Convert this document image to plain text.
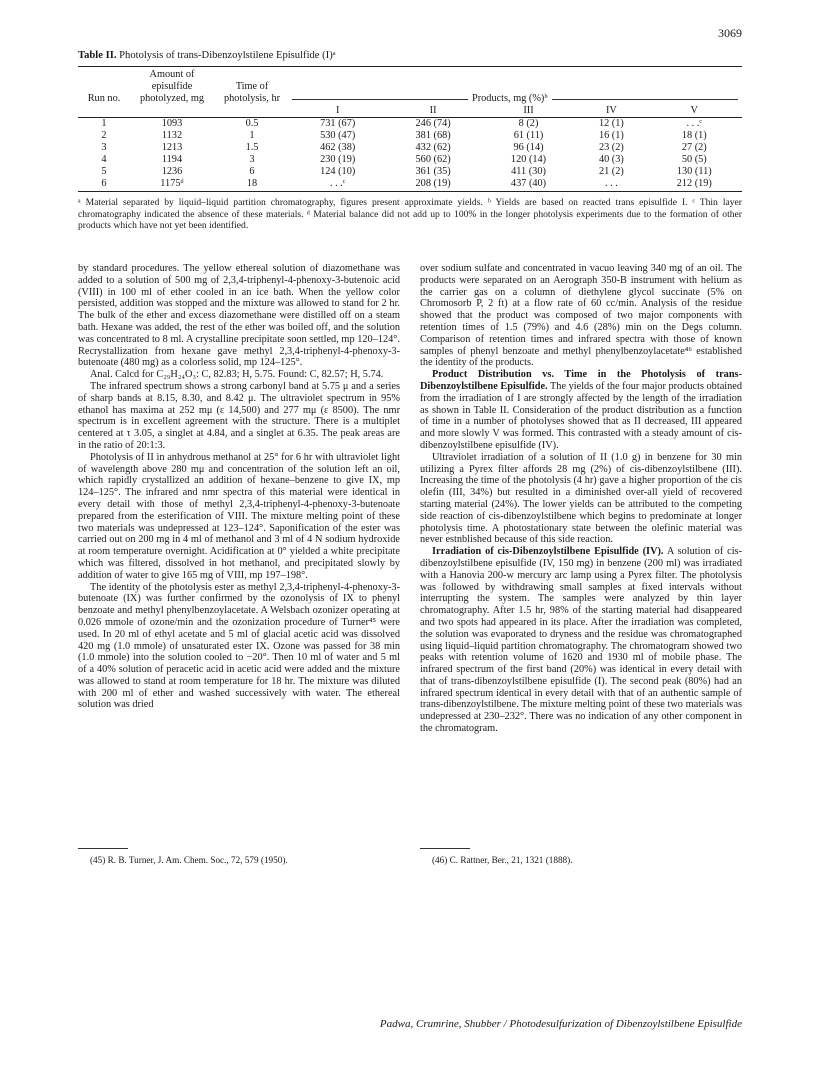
3069
Table II. Photolysis of trans-Dibenzoylstilene Episulfide (I)ᵃ
Run no.	Amount of episulfide photolyzed, mg	Time of photolysis, hr	Products, mg (%)ᵇ				

			I	II	III	IV	V

1	1093	0.5	731 (67)	246 (74)	8 (2)	12 (1)	. . .ᶜ
2	1132	1	530 (47)	381 (68)	61 (11)	16 (1)	18 (1)
3	1213	1.5	462 (38)	432 (62)	96 (14)	23 (2)	27 (2)
4	1194	3	230 (19)	560 (62)	120 (14)	40 (3)	50 (5)
5	1236	6	124 (10)	361 (35)	411 (30)	21 (2)	130 (11)
6	1175ᵈ	18	. . .ᶜ	208 (19)	437 (40)	. . .	212 (19)
ᵃ Material separated by liquid–liquid partition chromatography, figures present approximate yields. ᵇ Yields are based on reacted trans episulfide I. ᶜ Thin layer chromatography indicated the absence of these materials. ᵈ Material balance did not add up to 100% in the longer photolysis experiments due to the formation of other products which have not yet been identified.

by standard procedures. The yellow ethereal solution of diazomethane was added to a solution of 500 mg of 2,3,4-triphenyl-4-phenoxy-3-butenoic acid (VIII) in 100 ml of ether cooled in an ice bath. When the yellow color persisted, addition was stopped and the mixture was allowed to stand for 2 hr. The bulk of the ether and excess diazomethane were distilled off on a steam bath. Hexane was added, the rest of the ether was boiled off, and the solution was concentrated to 8 ml. A crystalline precipitate soon settled, mp 120–124°. Recrystallization from hexane gave methyl 2,3,4-triphenyl-4-phenoxy-3-butenoate (480 mg) as a colorless solid, mp 124–125°.

Anal. Calcd for C₂₉H₂₄O₃: C, 82.83; H, 5.75. Found: C, 82.57; H, 5.74.

The infrared spectrum shows a strong carbonyl band at 5.75 μ and a series of sharp bands at 8.15, 8.30, and 8.42 μ. The ultraviolet spectrum in 95% ethanol has maxima at 252 mμ (ε 14,500) and 277 mμ (ε 8500). The nmr spectrum is in excellent agreement with the structure. There is a multiplet centered at τ 3.05, a singlet at 4.84, and a singlet at 6.35. The peak areas are in the ratio of 20:1:3.

Photolysis of II in anhydrous methanol at 25° for 6 hr with ultraviolet light of wavelength above 280 mμ and concentration of the solution left an oil, which rapidly crystallized an addition of hexane–benzene to give IX, mp 124–125°. The infrared and nmr spectra of this material were identical in every detail with those of methyl 2,3,4-triphenyl-4-phenoxy-3-butenoate prepared from the esterification of VIII. The mixture melting point of these two materials was undepressed at 123–124°. Saponification of the ester was carried out on 200 mg in 4 ml of methanol and 3 ml of 4 N sodium hydroxide at room temperature overnight. Acidification at 0° yielded a white precipitate which was filtered, dissolved in hot methanol, and precipitated slowly by addition of water to give 165 mg of VIII, mp 197–198°.

The identity of the photolysis ester as methyl 2,3,4-triphenyl-4-phenoxy-3-butenoate (IX) was further confirmed by the ozonolysis of IX to phenyl benzoate and methyl phenylbenzoylacetate. A Welsbach ozonizer operating at 0.026 mmole of ozone/min and the ozonization procedure of Turner⁴⁵ were used. In 20 ml of ethyl acetate and 5 ml of glacial acetic acid was dissolved 420 mg (1.0 mmole) of unsaturated ester IX. Ozone was passed for 38 min (1.0 mmole) into the solution cooled to −20°. Then 10 ml of water and 5 ml of a 40% solution of peracetic acid in acetic acid were added and the mixture was allowed to stand at room temperature for 18 hr. The mixture was diluted with 200 ml of ether and washed successively with water. The ethereal solution was dried

over sodium sulfate and concentrated in vacuo leaving 340 mg of an oil. The products were separated on an Aerograph 350-B instrument with helium as the carrier gas on a column of diethylene glycol succinate (5% on Chromosorb P, 2 ft) at a flow rate of 60 cc/min. Analysis of the residue showed that the product was composed of two major components with retention times of 1.5 (79%) and 4.6 (28%) min on the Degs column. Comparison of retention times and infrared spectra with those of known samples of phenyl benzoate and methyl phenylbenzoylacetate⁴⁶ established the identity of the products.

Product Distribution vs. Time in the Photolysis of trans-Dibenzoylstilbene Episulfide. The yields of the four major products obtained from the irradiation of I are strongly affected by the length of the irradiation as shown in Table II. Consideration of the product distribution as a function of time in a number of photolyses showed that as II decreased, III appeared and more slowly V was formed. This contrasted with a steady amount of cis-dibenzoylstilbene episulfide (IV).

Ultraviolet irradiation of a solution of II (1.0 g) in benzene for 30 min utilizing a Pyrex filter affords 28 mg (2%) of cis-dibenzoylstilbene (III). Increasing the time of the photolysis (4 hr) gave a higher proportion of the cis olefin (III, 34%) but resulted in a diminished over-all yield of recovered starting material (24%). The lower yields can be attributed to the competing side reaction of cis-dibenzoylstilbene which begins to predominate at longer photolysis time. A photostationary state between the olefinic material was never estnblished because of this side reaction.

Irradiation of cis-Dibenzoylstilbene Episulfide (IV). A solution of cis-dibenzoylstilbene episulfide (IV, 150 mg) in benzene (200 ml) was irradiated with a Hanovia 200-w mercury arc lamp using a Pyrex filter. The photolysis was followed by withdrawing small samples at fixed intervals without interrupting the system. The samples were analyzed by thin layer chromatography. After 1.5 hr, 98% of the starting material had disappeared and two spots had appeared in its place. After the irradiation was completed, the solution was evaporated to dryness and the residue was chromatographed using liquid–liquid partition chromatography. The chromatogram showed two peaks with retention volume of 1620 and 1930 ml of mobile phase. The infrared spectrum of the first band (20%) was identical in every detail with that of trans-dibenzoylstilbene episulfide (I). The second peak (80%) had an infrared spectrum identical in every detail with that of an authentic sample of trans-dibenzoylstilbene. The mixture melting point of these two materials was undepressed at 230–232°. There was no indication of any other component in the chromatogram.

(45) R. B. Turner, J. Am. Chem. Soc., 72, 579 (1950).	(46) C. Rattner, Ber., 21, 1321 (1888).
Padwa, Crumrine, Shubber / Photodesulfurization of Dibenzoylstilbene Episulfide
